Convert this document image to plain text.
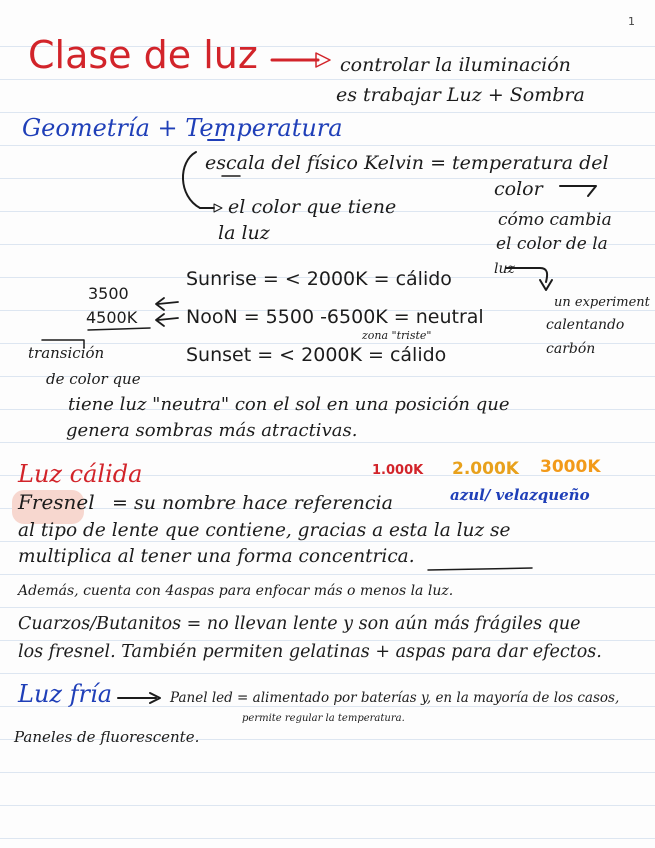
1
Clase de luz	controlar la iluminación
es trabajar Luz + Sombra
Geometría + Temperatura
escala del físico Kelvin = temperatura del
color
el color que tiene
la luz
cómo cambia
el color de la
luz
Sunrise = < 2000K = cálido
3500
4500K	NooN = 5500 -6500K = neutral
zona "triste"
un experiment
calentando
carbón
transición	Sunset = < 2000K = cálido
de color que
tiene luz "neutra" con el sol en una posición que
genera sombras más atractivas.
Luz cálida	1.000K 2.000K 3000K
azul/ velazqueño
Fresnel = su nombre hace referencia
al tipo de lente que contiene, gracias a esta la luz se
multiplica al tener una forma concentrica.
Además, cuenta con 4aspas para enfocar más o menos la luz.
Cuarzos/Butanitos = no llevan lente y son aún más frágiles que
los fresnel. También permiten gelatinas + aspas para dar efectos.
Luz fría	Panel led = alimentado por baterías y, en la mayoría de los casos,
permite regular la temperatura.
Paneles de fluorescente.
